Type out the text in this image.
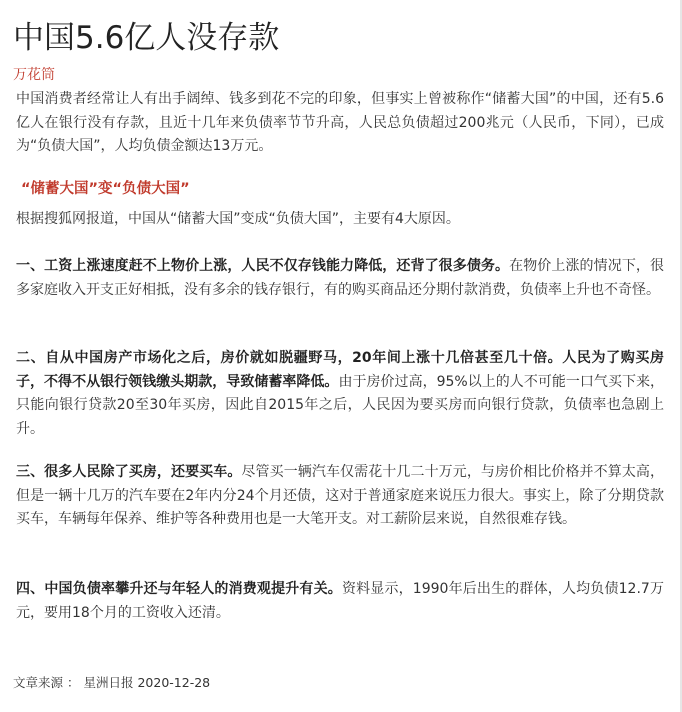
中国5.6亿人没存款
万花筒

中国消费者经常让人有出手阔绰、钱多到花不完的印象，但事实上曾被称作“储蓄大国”的中国，还有5.6亿人在银行没有存款，且近十几年来负债率节节升高，人民总负债超过200兆元（人民币，下同），已成为“负债大国”，人均负债金额达13万元。

“储蓄大国”变“负债大国”

根据搜狐网报道，中国从“储蓄大国”变成“负债大国”，主要有4大原因。

一、工资上涨速度赶不上物价上涨，人民不仅存钱能力降低，还背了很多债务。在物价上涨的情况下，很多家庭收入开支正好相抵，没有多余的钱存银行，有的购买商品还分期付款消费，负债率上升也不奇怪。

二、自从中国房产市场化之后，房价就如脱疆野马，20年间上涨十几倍甚至几十倍。人民为了购买房子，不得不从银行领钱缴头期款，导致储蓄率降低。由于房价过高，95%以上的人不可能一口气买下来，只能向银行贷款20至30年买房，因此自2015年之后，人民因为要买房而向银行贷款，负债率也急剧上升。

三、很多人民除了买房，还要买车。尽管买一辆汽车仅需花十几二十万元，与房价相比价格并不算太高，但是一辆十几万的汽车要在2年内分24个月还债，这对于普通家庭来说压力很大。事实上，除了分期贷款买车，车辆每年保养、维护等各种费用也是一大笔开支。对工薪阶层来说，自然很难存钱。

四、中国负债率攀升还与年轻人的消费观提升有关。资料显示，1990年后出生的群体，人均负债12.7万元，要用18个月的工资收入还清。

文章来源 ： 星洲日报 2020-12-28
